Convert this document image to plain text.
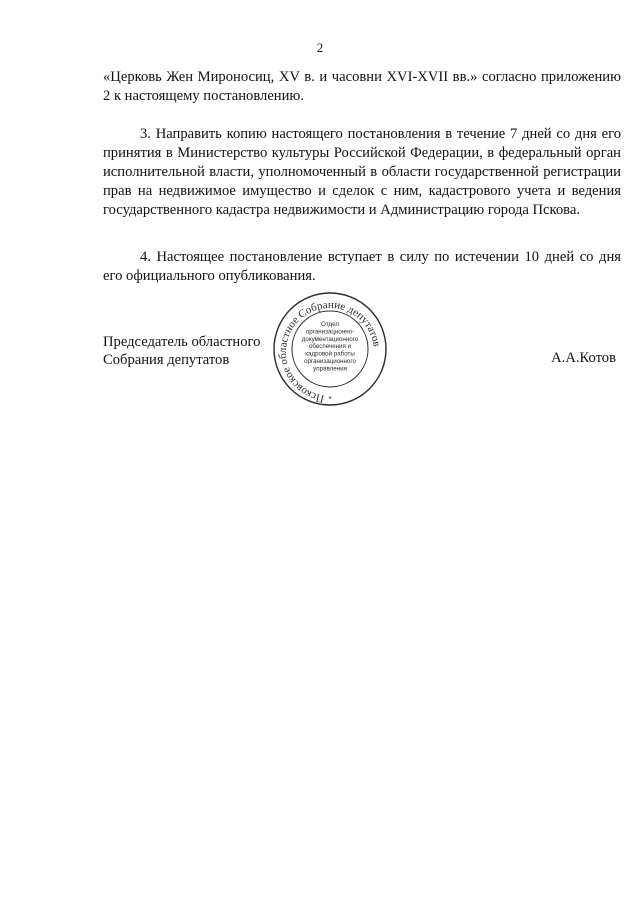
2

«Церковь Жен Мироносиц, XV в. и часовни XVI-XVII вв.» согласно приложению 2 к настоящему постановлению.

3. Направить копию настоящего постановления в течение 7 дней со дня его принятия в Министерство культуры Российской Федерации, в федеральный орган исполнительной власти, уполномоченный в области государственной регистрации прав на недвижимое имущество и сделок с ним, кадастрового учета и ведения государственного кадастра недвижимости и Администрацию города Пскова.

4. Настоящее постановление вступает в силу по истечении 10 дней со дня его официального опубликования.

Председатель областного
Собрания депутатов	А.А.Котов
Псковское областное Собрание депутатов
Отдел
организационно-
документационного
обеспечения и
кадровой работы
организационного
управления
*
